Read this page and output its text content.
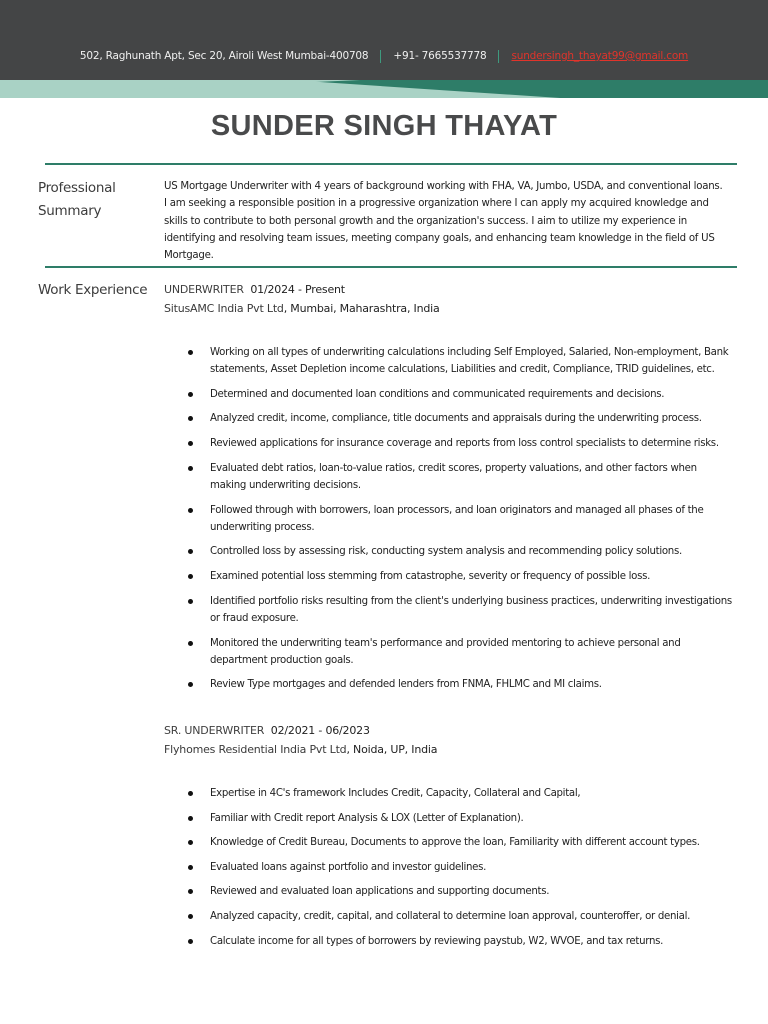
502, Raghunath Apt, Sec 20, Airoli West Mumbai-400708 +91- 7665537778 sundersingh_thayat99@gmail.com
SUNDER SINGH THAYAT
Professional Summary
US Mortgage Underwriter with 4 years of background working with FHA, VA, Jumbo, USDA, and conventional loans. I am seeking a responsible position in a progressive organization where I can apply my acquired knowledge and skills to contribute to both personal growth and the organization's success. I aim to utilize my experience in identifying and resolving team issues, meeting company goals, and enhancing team knowledge in the field of US Mortgage.
Work Experience UNDERWRITER 01/2024 - Present
SitusAMC India Pvt Ltd, Mumbai, Maharashtra, India
Working on all types of underwriting calculations including Self Employed, Salaried, Non-employment, Bank statements, Asset Depletion income calculations, Liabilities and credit, Compliance, TRID guidelines, etc.
Determined and documented loan conditions and communicated requirements and decisions.
Analyzed credit, income, compliance, title documents and appraisals during the underwriting process.
Reviewed applications for insurance coverage and reports from loss control specialists to determine risks.
Evaluated debt ratios, loan-to-value ratios, credit scores, property valuations, and other factors when making underwriting decisions.
Followed through with borrowers, loan processors, and loan originators and managed all phases of the underwriting process.
Controlled loss by assessing risk, conducting system analysis and recommending policy solutions.
Examined potential loss stemming from catastrophe, severity or frequency of possible loss.
Identified portfolio risks resulting from the client's underlying business practices, underwriting investigations or fraud exposure.
Monitored the underwriting team's performance and provided mentoring to achieve personal and department production goals.
Review Type mortgages and defended lenders from FNMA, FHLMC and MI claims.
SR. UNDERWRITER 02/2021 - 06/2023
Flyhomes Residential India Pvt Ltd, Noida, UP, India
Expertise in 4C's framework Includes Credit, Capacity, Collateral and Capital,
Familiar with Credit report Analysis & LOX (Letter of Explanation).
Knowledge of Credit Bureau, Documents to approve the loan, Familiarity with different account types.
Evaluated loans against portfolio and investor guidelines.
Reviewed and evaluated loan applications and supporting documents.
Analyzed capacity, credit, capital, and collateral to determine loan approval, counteroffer, or denial.
Calculate income for all types of borrowers by reviewing paystub, W2, WVOE, and tax returns.
